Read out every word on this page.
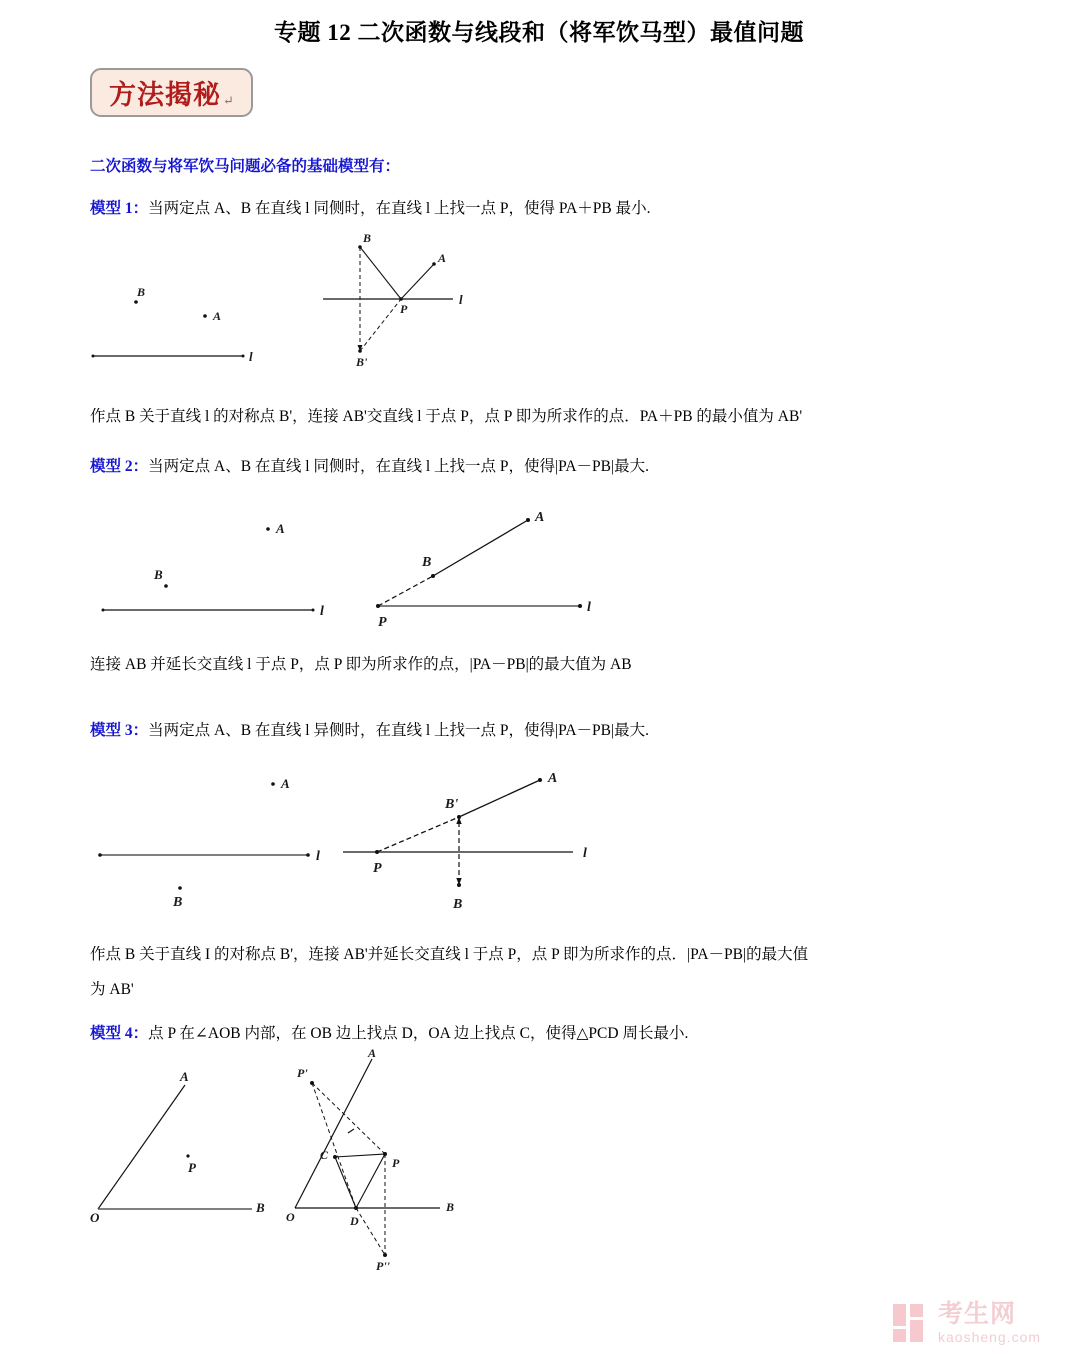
专题 12 二次函数与线段和（将军饮马型）最值问题
方法揭秘 ↵
二次函数与将军饮马问题必备的基础模型有：
模型 1：当两定点 A、B 在直线 l 同侧时，在直线 l 上找一点 P，使得 PA＋PB 最小.
B
A
l
l
B
A
B'
P
作点 B 关于直线 l 的对称点 B'，连接 AB'交直线 l 于点 P，点 P 即为所求作的点．PA＋PB 的最小值为 AB'
模型 2：当两定点 A、B 在直线 l 同侧时，在直线 l 上找一点 P，使得|PA－PB|最大.
A
B
l	l
A
B
P
连接 AB 并延长交直线 l 于点 P，点 P 即为所求作的点，|PA－PB|的最大值为 AB
模型 3：当两定点 A、B 在直线 l 异侧时，在直线 l 上找一点 P，使得|PA－PB|最大.
A
l
B
l
A
B'
P
B
作点 B 关于直线 I 的对称点 B'，连接 AB'并延长交直线 l 于点 P，点 P 即为所求作的点．|PA－PB|的最大值
为 AB'
模型 4：点 P 在∠AOB 内部，在 OB 边上找点 D，OA 边上找点 C，使得△PCD 周长最小.
A
B
O
P
A
B
O
C
D
P
P'
P''
考生网
kaosheng.com
